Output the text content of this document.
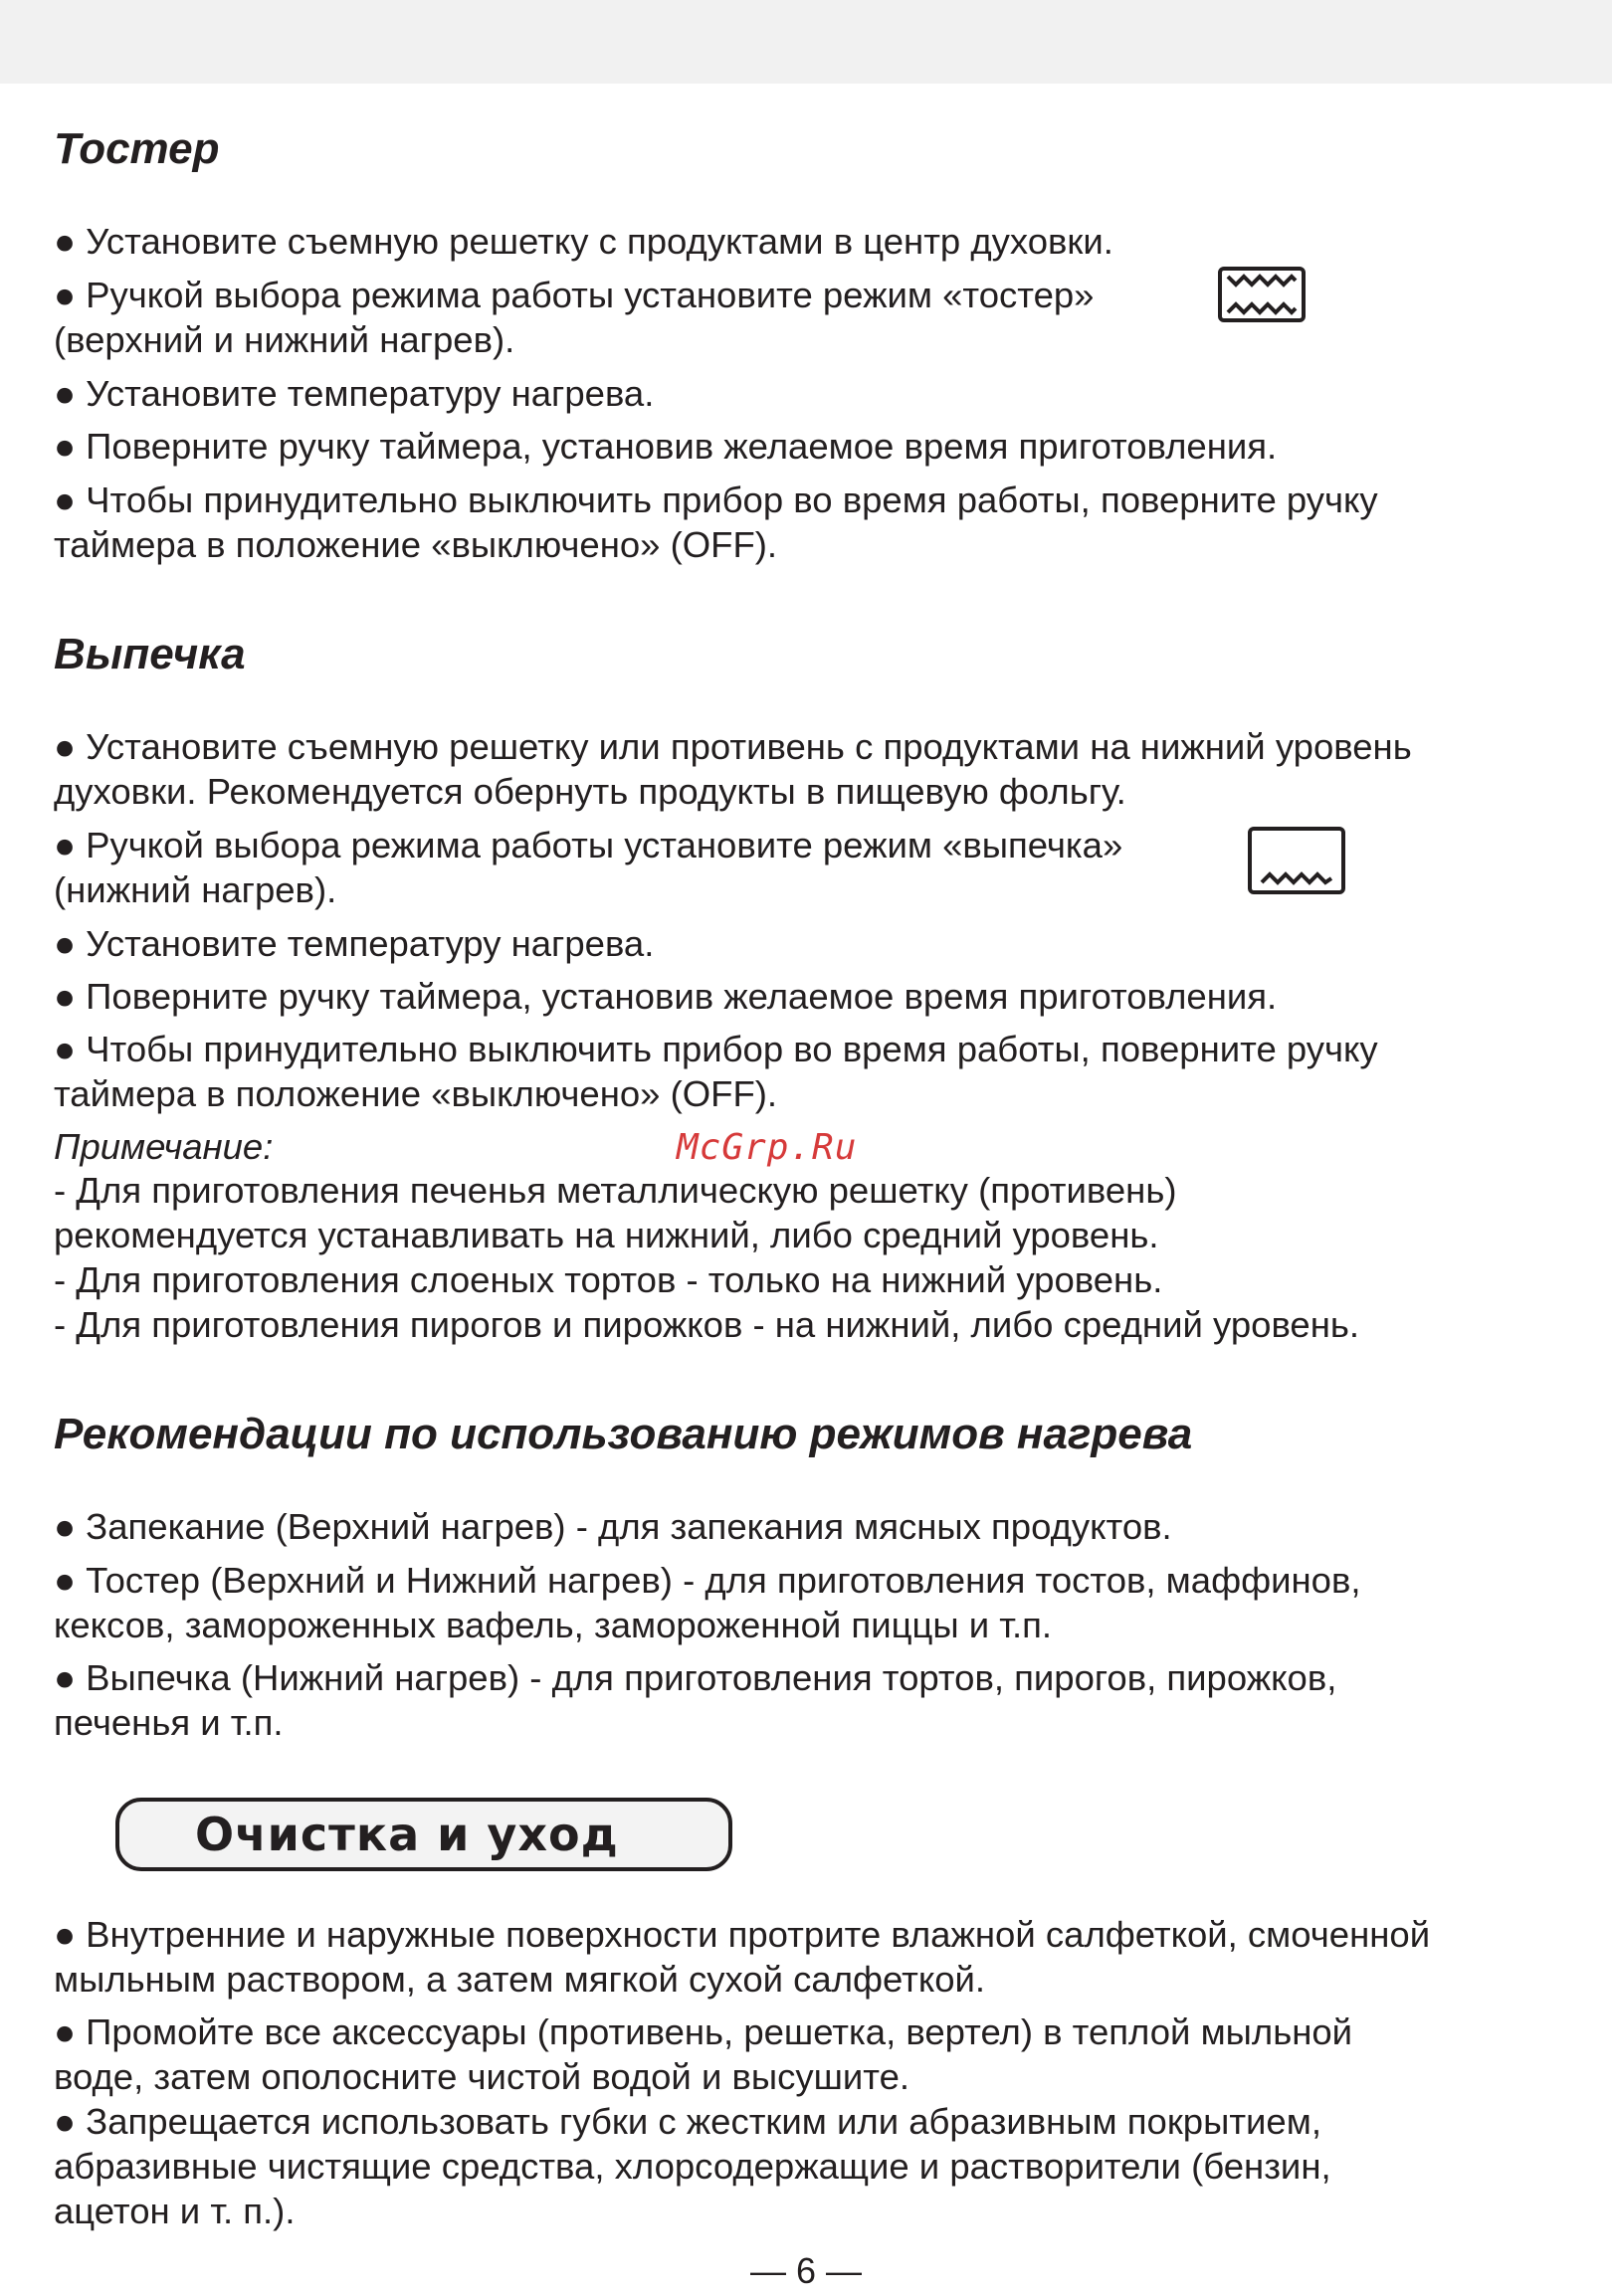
Тостер

● Установите съемную решетку с продуктами в центр духовки.

● Ручкой выбора режима работы установите режим «тостер»
(верхний и нижний нагрев).

● Установите температуру нагрева.

● Поверните ручку таймера, установив желаемое время приготовления.

● Чтобы принудительно выключить прибор во время работы, поверните ручку
таймера в положение «выключено» (OFF).

Выпечка

● Установите съемную решетку или противень с продуктами на нижний уровень
духовки. Рекомендуется обернуть продукты в пищевую фольгу.

● Ручкой выбора режима работы установите режим «выпечка»
(нижний нагрев).

● Установите температуру нагрева.

● Поверните ручку таймера, установив желаемое время приготовления.

● Чтобы принудительно выключить прибор во время работы, поверните ручку
таймера в положение «выключено» (OFF).

Примечание:	McGrp.Ru

- Для приготовления печенья металлическую решетку (противень)

рекомендуется устанавливать на нижний, либо средний уровень.

- Для приготовления слоеных тортов - только на нижний уровень.

- Для приготовления пирогов и пирожков - на нижний, либо средний уровень.

Рекомендации по использованию режимов нагрева

● Запекание (Верхний нагрев) - для запекания мясных продуктов.

● Тостер (Верхний и Нижний нагрев) - для приготовления тостов, маффинов,
кексов, замороженных вафель, замороженной пиццы и т.п.

● Выпечка (Нижний нагрев) - для приготовления тортов, пирогов, пирожков,
печенья и т.п.

Очистка и уход

● Внутренние и наружные поверхности протрите влажной салфеткой, смоченной
мыльным раствором, а затем мягкой сухой салфеткой.

● Промойте все аксессуары (противень, решетка, вертел) в теплой мыльной
воде, затем ополосните чистой водой и высушите.

● Запрещается использовать губки с жестким или абразивным покрытием,
абразивные чистящие средства, хлорсодержащие и растворители (бензин,
ацетон и т. п.).

— 6 —
